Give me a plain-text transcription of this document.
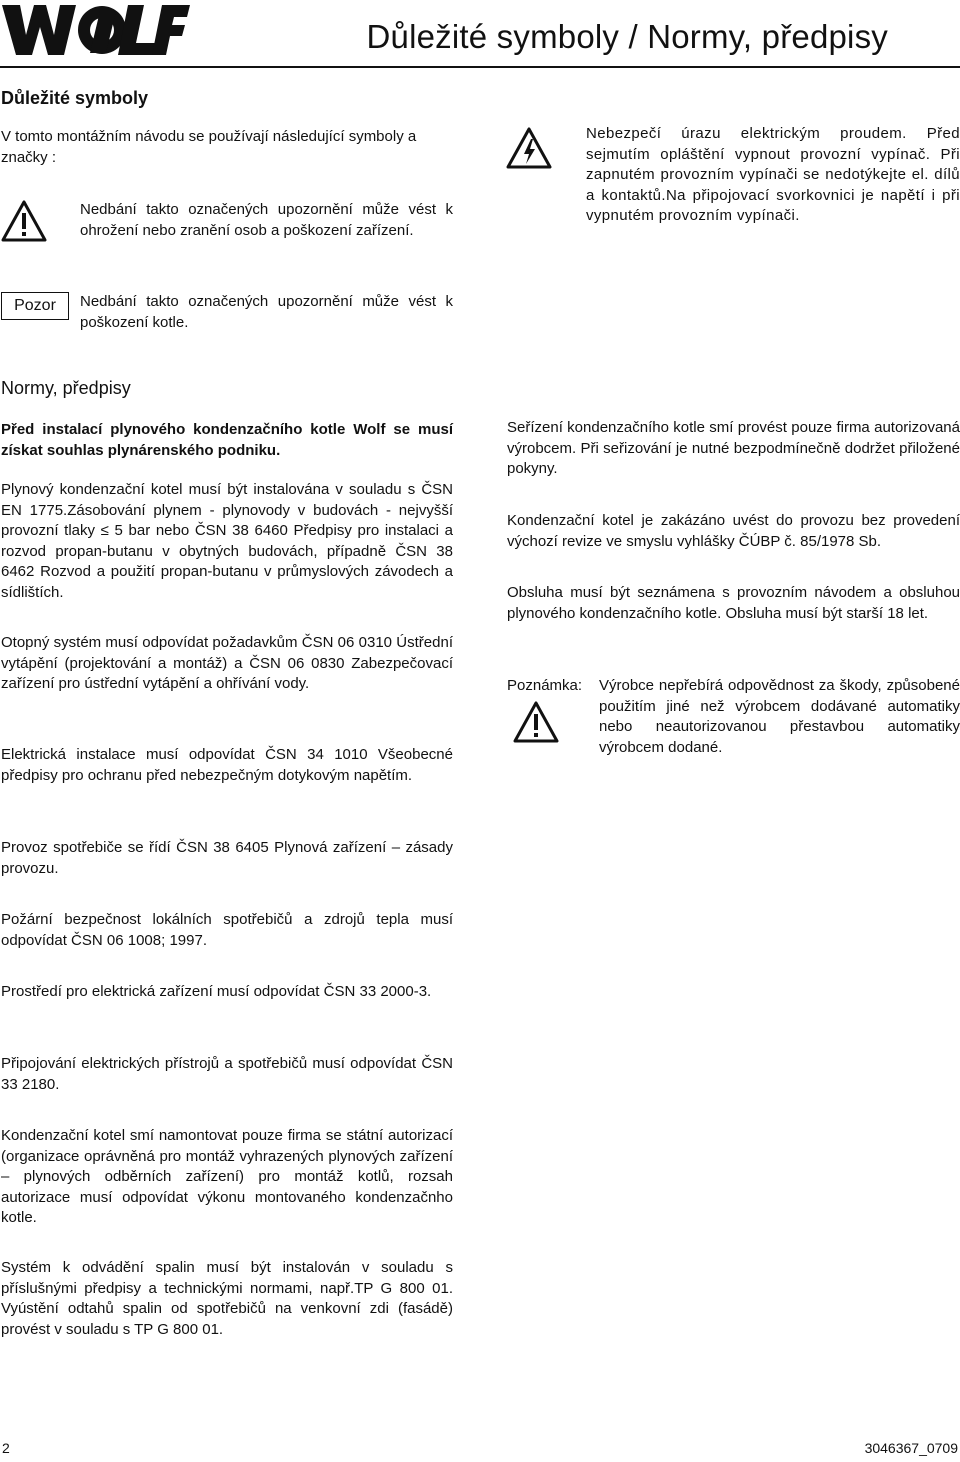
WOLF
Důležité symboly / Normy, předpisy
Důležité symboly

V tomto montážním návodu se používají následující symboly a značky :

Nedbání takto označených upozornění může vést k ohrožení nebo zranění osob a poškození zařízení.

Nebezpečí úrazu elektrickým proudem. Před sejmutím opláštění vypnout provozní vypínač. Při zapnutém provozním vypínači se nedotýkejte el. dílů a kontaktů.Na připojovací svorkovnici je napětí i při vypnutém provozním vypínači.

Pozor	Nedbání takto označených upozornění může vést k poškození kotle.

Normy, předpisy

Před instalací plynového kondenzačního kotle Wolf se musí získat souhlas plynárenského podniku.

Plynový kondenzační kotel musí být instalována v souladu s ČSN EN 1775.Zásobování plynem - plynovody v budovách - nejvyšší provozní tlaky ≤ 5 bar nebo ČSN 38 6460 Předpisy pro instalaci a rozvod propan-butanu v obytných budovách, případně ČSN 38 6462 Rozvod a použití propan-butanu v průmyslových závodech a sídlištích.

Otopný systém musí odpovídat požadavkům ČSN 06 0310 Ústřední vytápění (projektování a montáž) a ČSN 06 0830 Zabezpečovací zařízení pro ústřední vytápění a ohřívání vody.

Elektrická instalace musí odpovídat ČSN 34 1010 Všeobecné předpisy pro ochranu před nebezpečným dotykovým napětím.

Seřízení kondenzačního kotle smí provést pouze firma autorizovaná výrobcem. Při seřizování je nutné bezpodmínečně dodržet přiložené pokyny.

Kondenzační kotel je zakázáno uvést do provozu bez provedení výchozí revize ve smyslu vyhlášky ČÚBP č. 85/1978 Sb.

Obsluha musí být seznámena s provozním návodem a obsluhou plynového kondenzačního kotle. Obsluha musí být starší 18 let.

Poznámka: Výrobce nepřebírá odpovědnost za škody, způsobené použitím jiné než výrobcem dodávané automatiky nebo neautorizovanou přestavbou automatiky výrobcem dodané.

Provoz spotřebiče se řídí ČSN 38 6405 Plynová zařízení – zásady provozu.

Požární bezpečnost lokálních spotřebičů a zdrojů tepla musí odpovídat ČSN 06 1008; 1997.

Prostředí pro elektrická zařízení musí odpovídat ČSN 33 2000-3.

Připojování elektrických přístrojů a spotřebičů musí odpovídat ČSN 33 2180.

Kondenzační kotel smí namontovat pouze firma se státní autorizací (organizace oprávněná pro montáž vyhrazených plynových zařízení – plynových odběrních zařízení) pro montáž kotlů, rozsah autorizace musí odpovídat výkonu montovaného kondenzačnho kotle.

Systém k odvádění spalin musí být instalován v souladu s příslušnými předpisy a technickými normami, např.TP G 800 01. Vyústění odtahů spalin od spotřebičů na venkovní zdi (fasádě) provést v souladu s TP G 800 01.

2	3046367_0709
